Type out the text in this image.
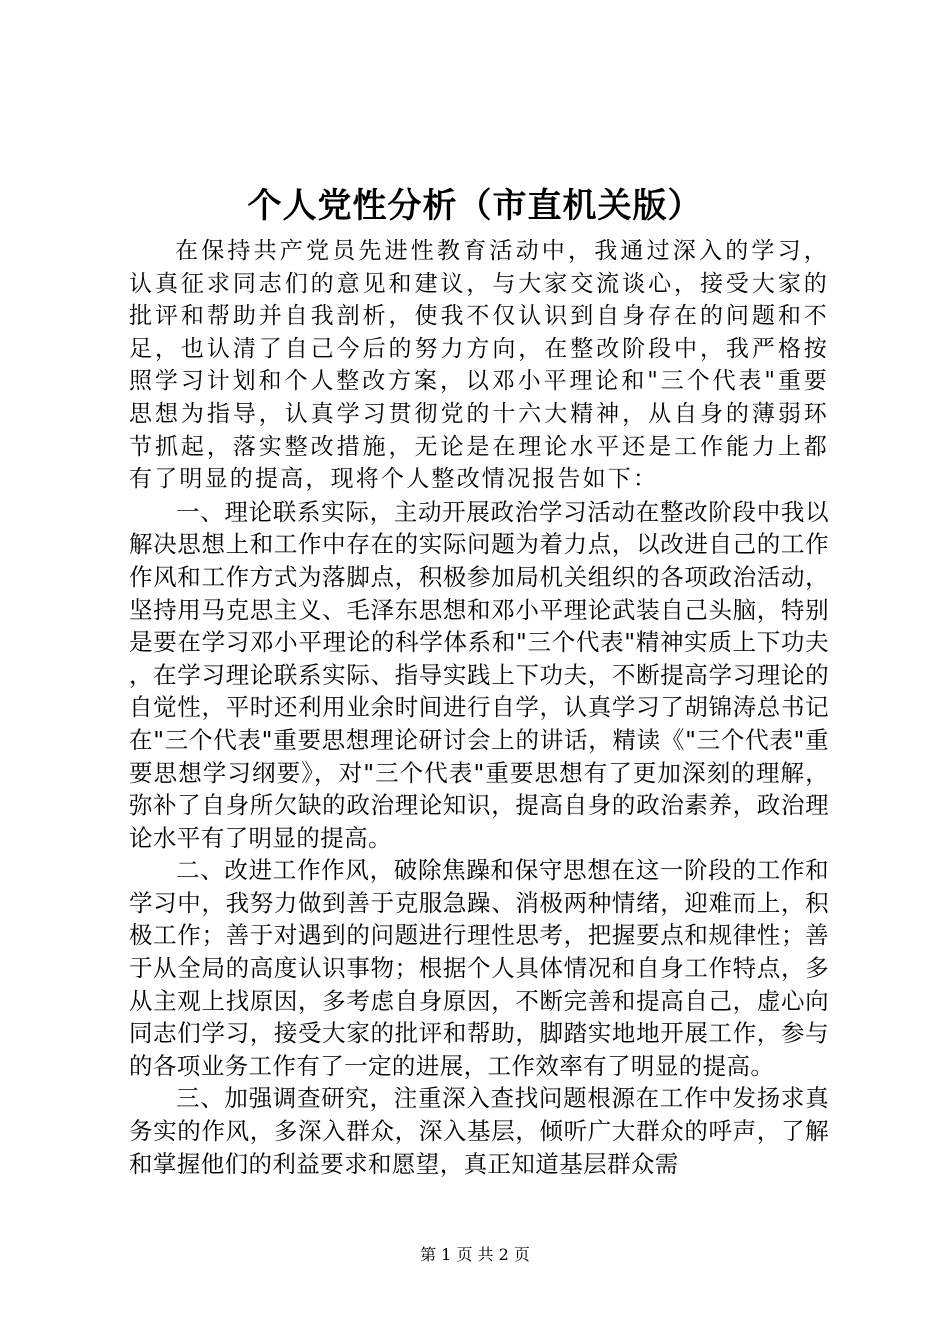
个人党性分析（市直机关版）

在保持共产党员先进性教育活动中，我通过深入的学习，认真征求同志们的意见和建议，与大家交流谈心，接受大家的批评和帮助并自我剖析，使我不仅认识到自身存在的问题和不足，也认清了自己今后的努力方向，在整改阶段中，我严格按照学习计划和个人整改方案，以邓小平理论和"三个代表"重要思想为指导，认真学习贯彻党的十六大精神，从自身的薄弱环节抓起，落实整改措施，无论是在理论水平还是工作能力上都有了明显的提高，现将个人整改情况报告如下：

一、理论联系实际，主动开展政治学习活动在整改阶段中我以解决思想上和工作中存在的实际问题为着力点，以改进自己的工作作风和工作方式为落脚点，积极参加局机关组织的各项政治活动，坚持用马克思主义、毛泽东思想和邓小平理论武装自己头脑，特别是要在学习邓小平理论的科学体系和"三个代表"精神实质上下功夫，在学习理论联系实际、指导实践上下功夫，不断提高学习理论的自觉性，平时还利用业余时间进行自学，认真学习了胡锦涛总书记在"三个代表"重要思想理论研讨会上的讲话，精读《"三个代表"重要思想学习纲要》，对"三个代表"重要思想有了更加深刻的理解，弥补了自身所欠缺的政治理论知识，提高自身的政治素养，政治理论水平有了明显的提高。

二、改进工作作风，破除焦躁和保守思想在这一阶段的工作和学习中，我努力做到善于克服急躁、消极两种情绪，迎难而上，积极工作；善于对遇到的问题进行理性思考，把握要点和规律性；善于从全局的高度认识事物；根据个人具体情况和自身工作特点，多从主观上找原因，多考虑自身原因，不断完善和提高自己，虚心向同志们学习，接受大家的批评和帮助，脚踏实地地开展工作，参与的各项业务工作有了一定的进展，工作效率有了明显的提高。

三、加强调查研究，注重深入查找问题根源在工作中发扬求真务实的作风，多深入群众，深入基层，倾听广大群众的呼声，了解和掌握他们的利益要求和愿望，真正知道基层群众需

第 1 页 共 2 页
